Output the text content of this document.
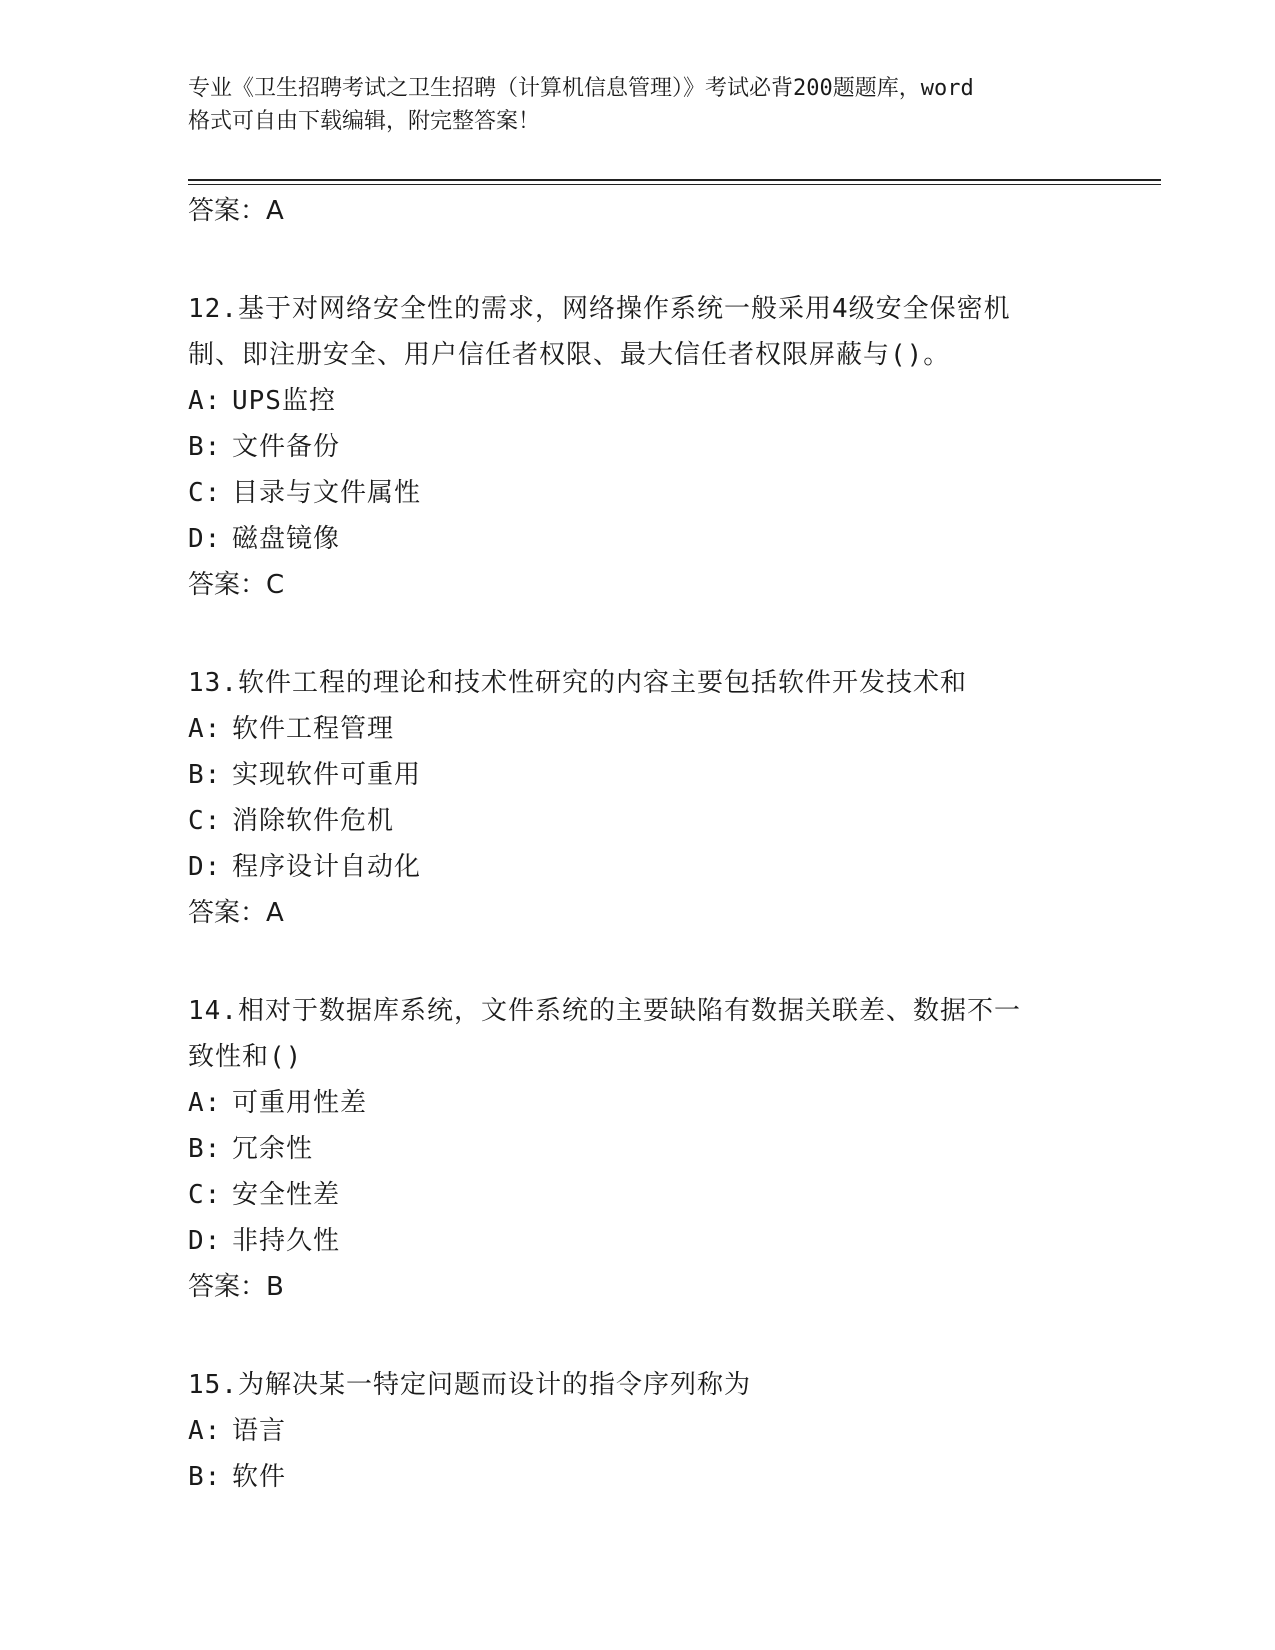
专业《卫生招聘考试之卫生招聘（计算机信息管理）》考试必背200题题库，word
格式可自由下载编辑，附完整答案！
答案：A
12.基于对网络安全性的需求，网络操作系统一般采用4级安全保密机
制、即注册安全、用户信任者权限、最大信任者权限屏蔽与()。
A: UPS监控
B: 文件备份
C: 目录与文件属性
D: 磁盘镜像
答案：C
13.软件工程的理论和技术性研究的内容主要包括软件开发技术和
A: 软件工程管理
B: 实现软件可重用
C: 消除软件危机
D: 程序设计自动化
答案：A
14.相对于数据库系统，文件系统的主要缺陷有数据关联差、数据不一
致性和()
A: 可重用性差
B: 冗余性
C: 安全性差
D: 非持久性
答案：B
15.为解决某一特定问题而设计的指令序列称为
A: 语言
B: 软件
